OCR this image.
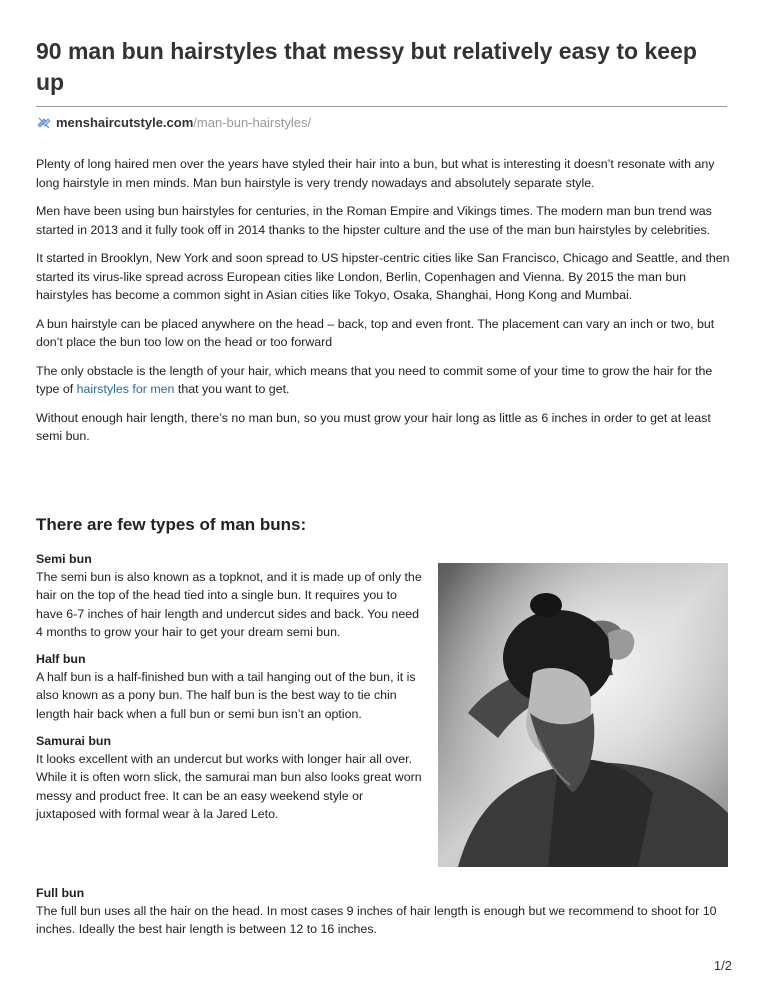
90 man bun hairstyles that messy but relatively easy to keep up
menshaircutstyle.com /man-bun-hairstyles/

Plenty of long haired men over the years have styled their hair into a bun, but what is interesting it doesn’t resonate with any long hairstyle in men minds. Man bun hairstyle is very trendy nowadays and absolutely separate style.

Men have been using bun hairstyles for centuries, in the Roman Empire and Vikings times. The modern man bun trend was started in 2013 and it fully took off in 2014 thanks to the hipster culture and the use of the man bun hairstyles by celebrities.

It started in Brooklyn, New York and soon spread to US hipster-centric cities like San Francisco, Chicago and Seattle, and then started its virus-like spread across European cities like London, Berlin, Copenhagen and Vienna. By 2015 the man bun hairstyles has become a common sight in Asian cities like Tokyo, Osaka, Shanghai, Hong Kong and Mumbai.

A bun hairstyle can be placed anywhere on the head – back, top and even front. The placement can vary an inch or two, but don’t place the bun too low on the head or too forward

The only obstacle is the length of your hair, which means that you need to commit some of your time to grow the hair for the type of hairstyles for men that you want to get.

Without enough hair length, there’s no man bun, so you must grow your hair long as little as 6 inches in order to get at least semi bun.

There are few types of man buns:
Semi bun
The semi bun is also known as a topknot, and it is made up of only the hair on the top of the head tied into a single bun. It requires you to have 6-7 inches of hair length and undercut sides and back. You need 4 months to grow your hair to get your dream semi bun.
Half bun
A half bun is a half-finished bun with a tail hanging out of the bun, it is also known as a pony bun. The half bun is the best way to tie chin length hair back when a full bun or semi bun isn’t an option.
Samurai bun
It looks excellent with an undercut but works with longer hair all over. While it is often worn slick, the samurai man bun also looks great worn messy and product free. It can be an easy weekend style or juxtaposed with formal wear à la Jared Leto.
Full bun
The full bun uses all the hair on the head. In most cases 9 inches of hair length is enough but we recommend to shoot for 10 inches. Ideally the best hair length is between 12 to 16 inches.
1/2
